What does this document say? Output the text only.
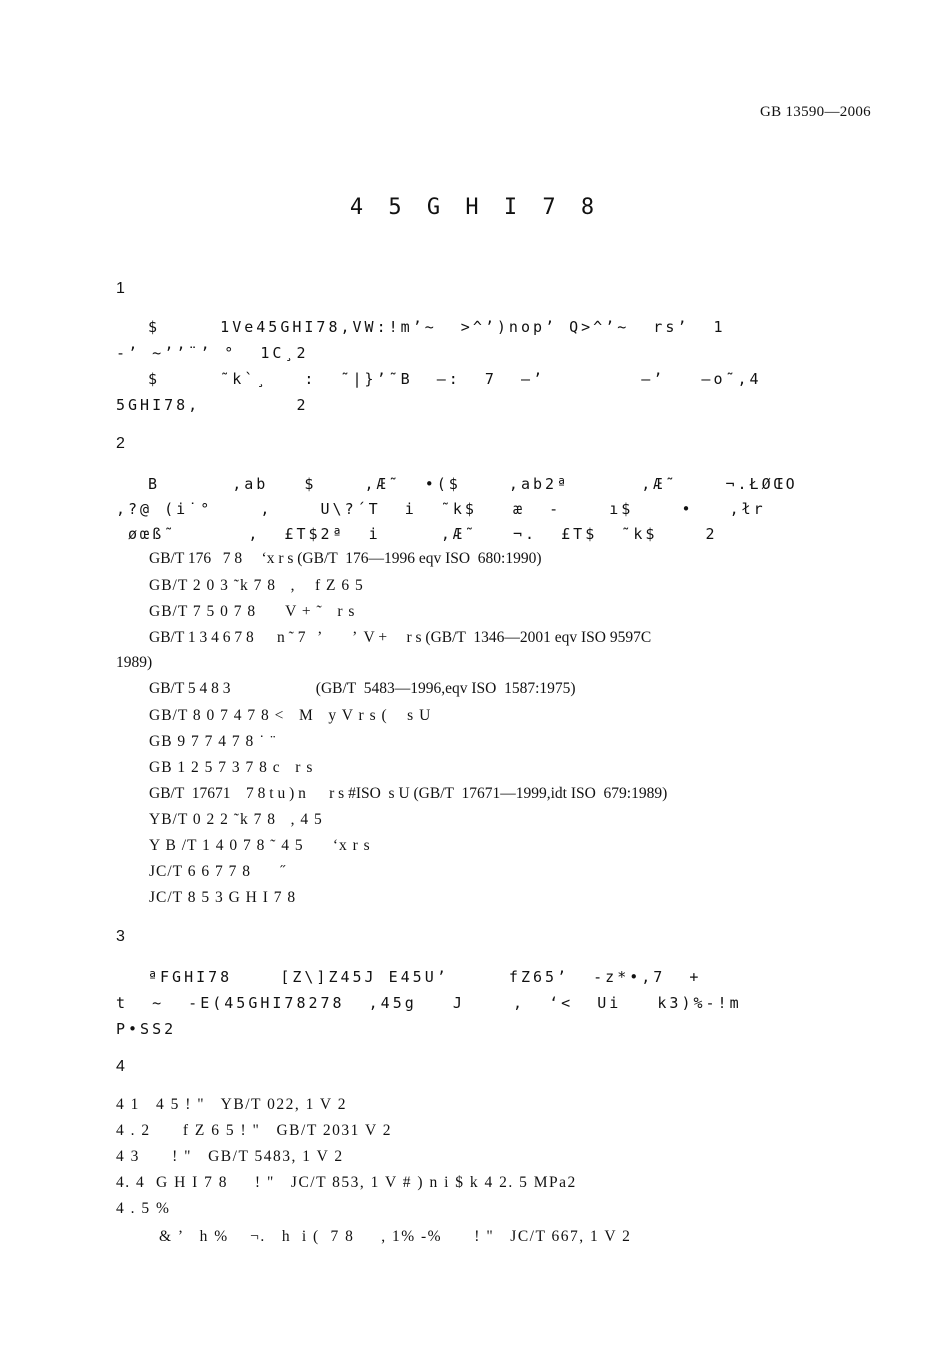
GB 13590—2006
4 5 G H I 7 8
1
$     1Ve45GHI78,VW:!m’~  >^’)nop’ Q>^’~  rs’  1
-’ ~’’¨’ °  1C¸2
$     ˜k`¸   :  ˜|}’˜B  —:  7  —’        —’   —o˜,4
5GHI78,        2
2
B      ,ab   $    ,Æ˜  •($    ,ab2ª      ,Æ˜    ¬.ŁØŒO
,?@ (i˙°    ,    U\?´T  i  ˜k$   æ  -    ı$    •   ,łr
øœß˜      ,  £T$2ª  i     ,Æ˜   ¬.  £T$  ˜k$    2
GB/T 176   7 8     ‘x r s (GB/T  176—1996 eqv ISO  680:1990)
GB/T 2 0 3 ˜k 7 8   ,    f Z 6 5
GB/T 7 5 0 7 8      V + ˜   r s
GB/T 1 3 4 6 7 8      n ˜ 7   ’        ’  V +     r s (GB/T  1346—2001 eqv ISO 9597C
1989)
GB/T 5 4 8 3                      (GB/T  5483—1996,eqv ISO  1587:1975)
GB/T 8 0 7 4 7 8 <   M   y V r s (    s U
GB 9 7 7 4 7 8 ˙ ¨
GB 1 2 5 7 3 7 8 c   r s
GB/T  17671    7 8 t u ) n      r s #ISO  s U (GB/T  17671—1999,idt ISO  679:1989)
YB/T 0 2 2 ˜k 7 8   , 4 5
Y B /T 1 4 0 7 8 ˜ 4 5      ‘x r s
JC/T 6 6 7 7 8      ˝
JC/T 8 5 3 G H I 7 8
3
ªFGHI78    [Z\]Z45J E45U’     fZ65’  -z*•,7  +
t  ~  -E(45GHI78278  ,45g   J    ,  ‘<  Ui   k3)%-!m
P•SS2
4
4 1   4 5 ! "   YB/T 022, 1 V 2
4 . 2      f Z 6 5 ! "   GB/T 2031 V 2
4 3      ! "   GB/T 5483, 1 V 2
4. 4  G H I 7 8     ! "   JC/T 853, 1 V # ) n i $ k 4 2. 5 MPa2
4 . 5 %
& ’   h %    ¬.   h  i (  7 8     , 1% -%      ! "   JC/T 667, 1 V 2
